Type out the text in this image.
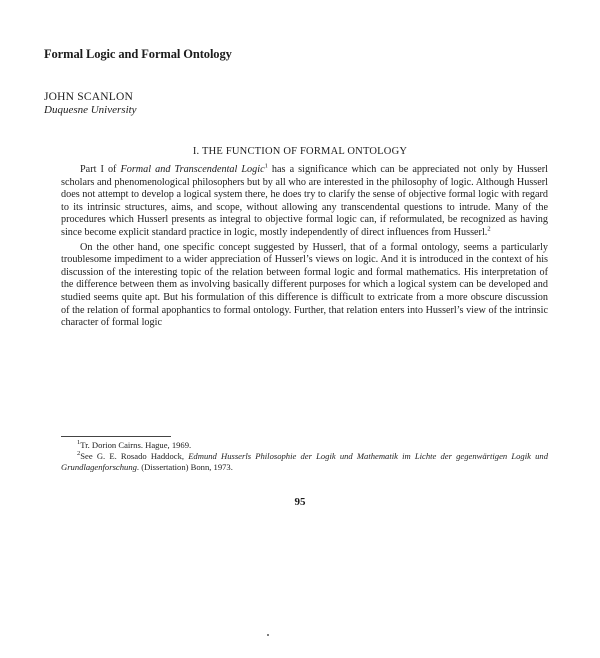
Formal Logic and Formal Ontology
JOHN SCANLON
Duquesne University
I. THE FUNCTION OF FORMAL ONTOLOGY

Part I of Formal and Transcendental Logic$^1$ has a significance which can be appreciated not only by Husserl scholars and phenomenological philosophers but by all who are interested in the philosophy of logic. Although Husserl does not attempt to develop a logical system there, he does try to clarify the sense of objective formal logic with regard to its intrinsic structures, aims, and scope, without allowing any transcendental questions to intrude. Many of the procedures which Husserl presents as integral to objective formal logic can, if reformulated, be recognized as having since become explicit standard practice in logic, mostly independently of direct influences from Husserl.$^2$

On the other hand, one specific concept suggested by Husserl, that of a formal ontology, seems a particularly troublesome impediment to a wider appreciation of Husserl’s views on logic. And it is introduced in the context of his discussion of the interesting topic of the relation between formal logic and formal mathematics. His interpretation of the difference between them as involving basically different purposes for which a logical system can be developed and studied seems quite apt. But his formulation of this difference is difficult to extricate from a more obscure discussion of the relation of formal apophantics to formal ontology. Further, that relation enters into Husserl’s view of the intrinsic character of formal logic

$^1$Tr. Dorion Cairns. Hague, 1969.

$^2$See G. E. Rosado Haddock, Edmund Husserls Philosophie der Logik und Mathematik im Lichte der gegenwärtigen Logik und Grundlagenforschung. (Dissertation) Bonn, 1973.

95
